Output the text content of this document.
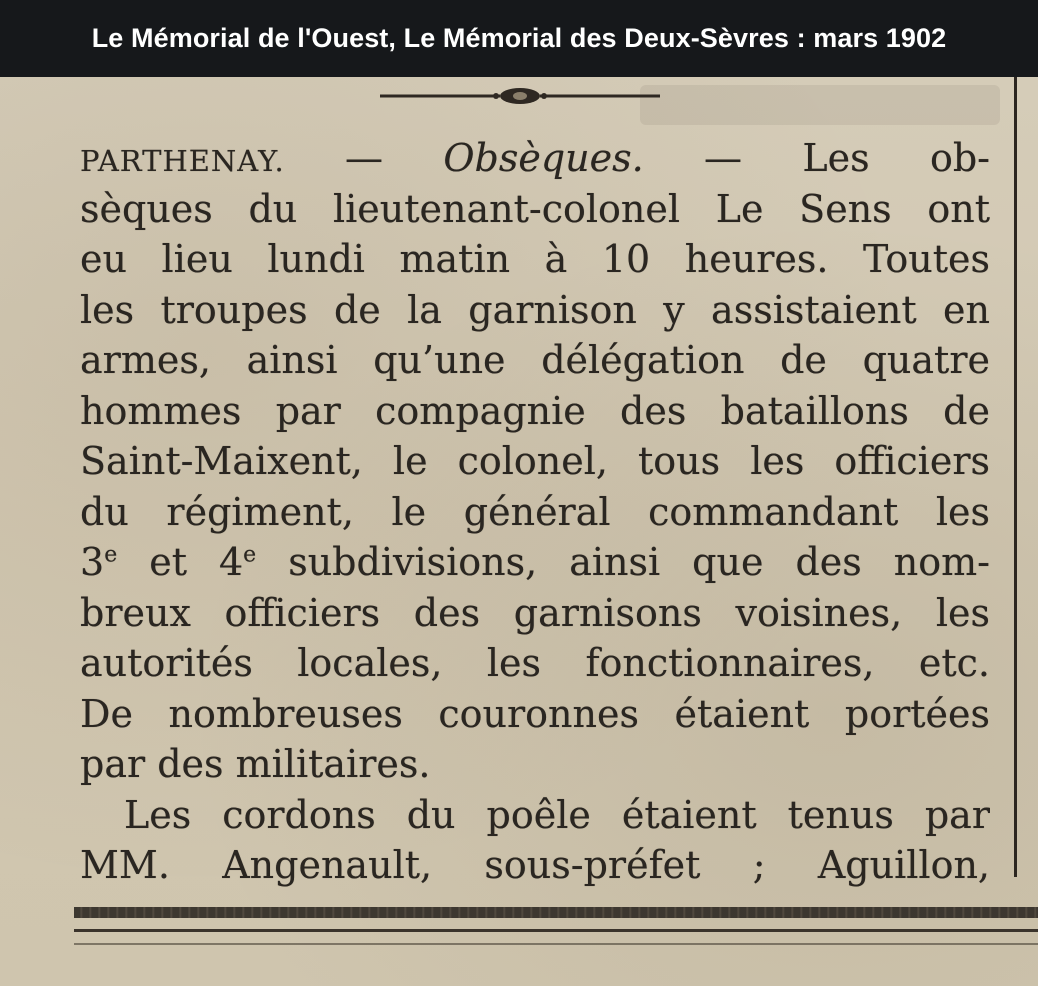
Le Mémorial de l'Ouest, Le Mémorial des Deux-Sèvres : mars 1902
PARTHENAY. — Obsèques. — Les ob-
sèques du lieutenant-colonel Le Sens ont
eu lieu lundi matin à 10 heures. Toutes
les troupes de la garnison y assistaient en
armes, ainsi qu’une délégation de quatre
hommes par compagnie des bataillons de
Saint-Maixent, le colonel, tous les officiers
du régiment, le général commandant les
3e et 4e subdivisions, ainsi que des nom-
breux officiers des garnisons voisines, les
autorités locales, les fonctionnaires, etc.
De nombreuses couronnes étaient portées
par des militaires.
Les cordons du poêle étaient tenus par
MM. Angenault, sous-préfet ; Aguillon,
